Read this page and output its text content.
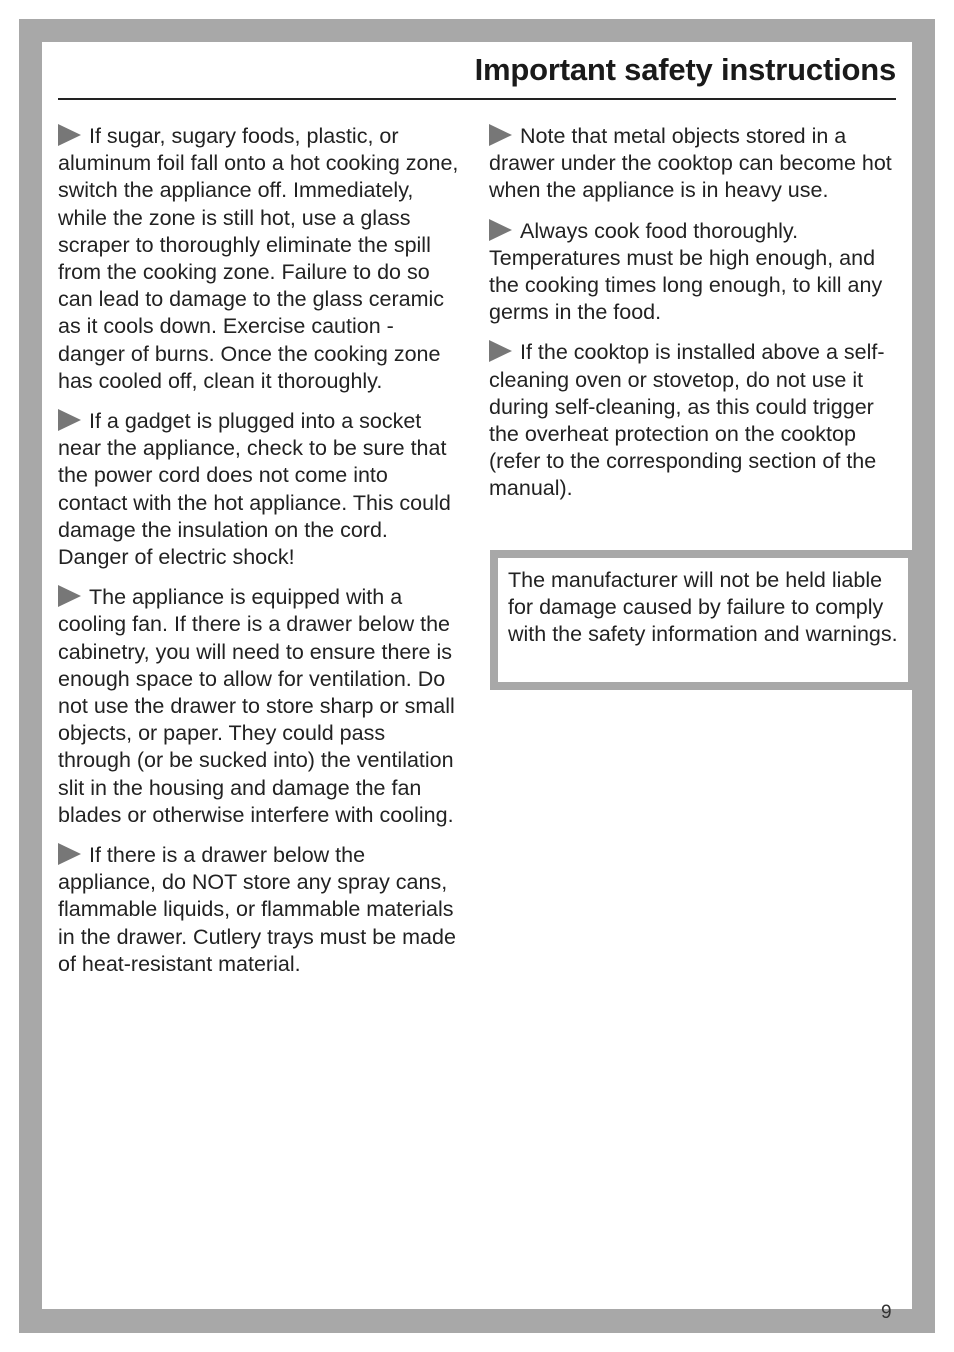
Important safety instructions

If sugar, sugary foods, plastic, or aluminum foil fall onto a hot cooking zone, switch the appliance off. Immediately, while the zone is still hot, use a glass scraper to thoroughly eliminate the spill from the cooking zone. Failure to do so can lead to damage to the glass ceramic as it cools down. Exercise caution - danger of burns. Once the cooking zone has cooled off, clean it thoroughly.

If a gadget is plugged into a socket near the appliance, check to be sure that the power cord does not come into contact with the hot appliance. This could damage the insulation on the cord. Danger of electric shock!

The appliance is equipped with a cooling fan. If there is a drawer below the cabinetry, you will need to ensure there is enough space to allow for ventilation. Do not use the drawer to store sharp or small objects, or paper. They could pass through (or be sucked into) the ventilation slit in the housing and damage the fan blades or otherwise interfere with cooling.

If there is a drawer below the appliance, do NOT store any spray cans, flammable liquids, or flammable materials in the drawer. Cutlery trays must be made of heat-resistant material.

Note that metal objects stored in a drawer under the cooktop can become hot when the appliance is in heavy use.

Always cook food thoroughly. Temperatures must be high enough, and the cooking times long enough, to kill any germs in the food.

If the cooktop is installed above a self-cleaning oven or stovetop, do not use it during self-cleaning, as this could trigger the overheat protection on the cooktop (refer to the corresponding section of the manual).

The manufacturer will not be held liable for damage caused by failure to comply with the safety information and warnings.

9
